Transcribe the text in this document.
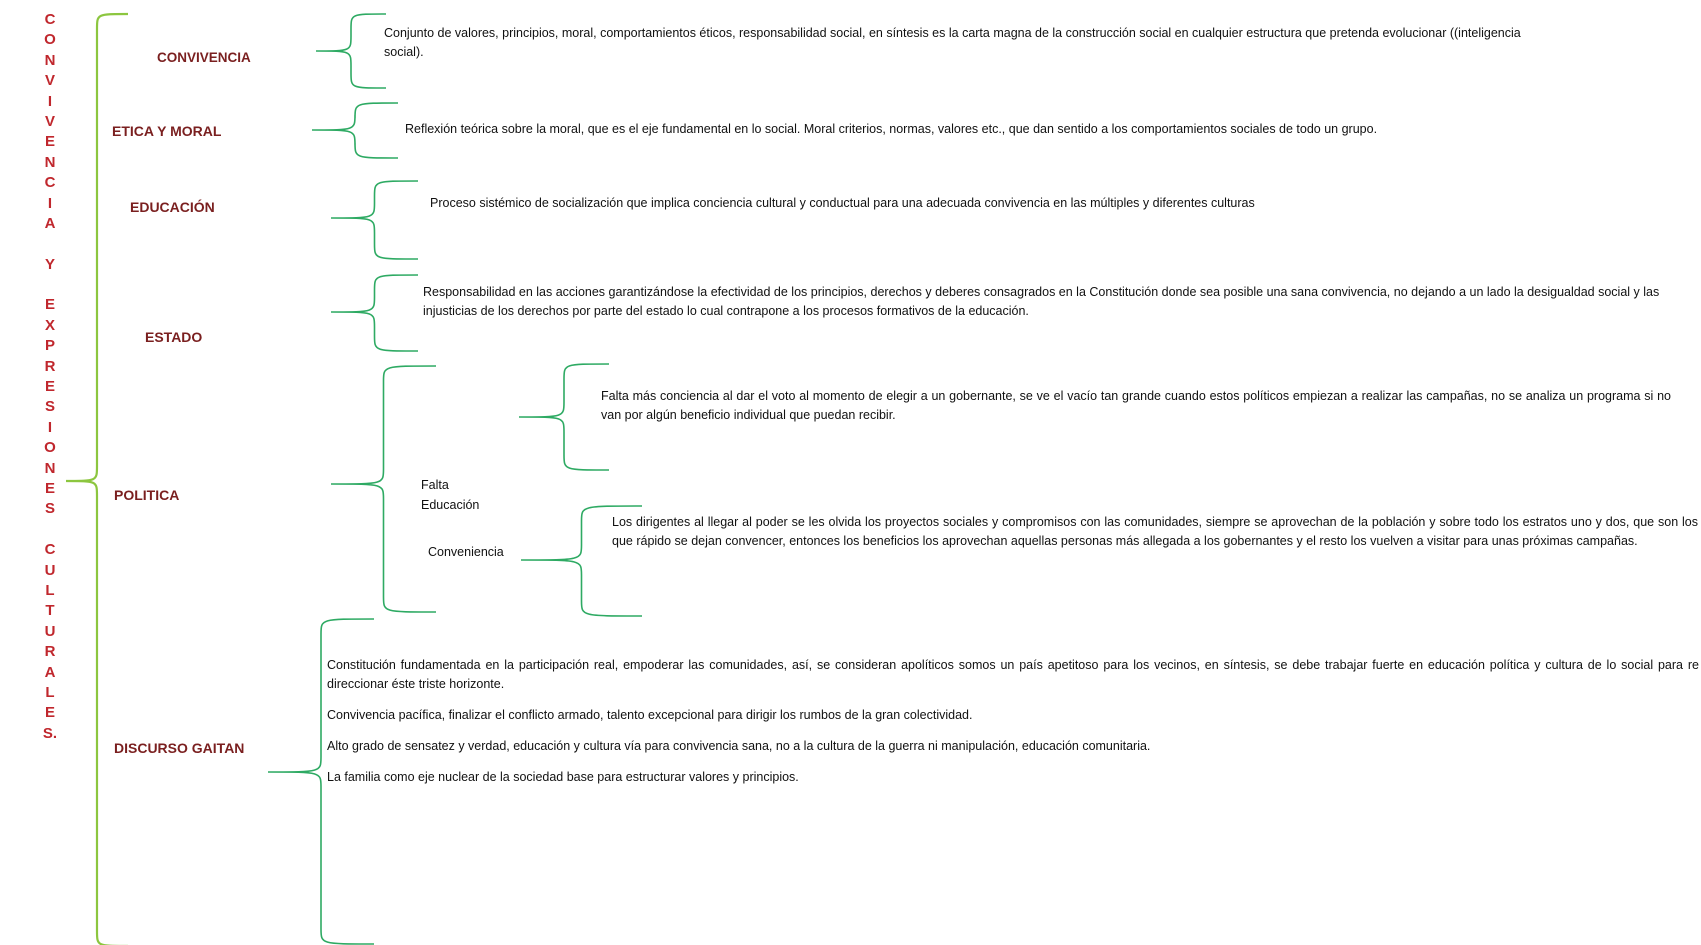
C
O
N
V
I
V
E
N
C
I
A
Y
E
X
P
R
E
S
I
O
N
E
S
C
U
L
T
U
R
A
L
E
S.
CONVIVENCIA
Conjunto de valores, principios, moral, comportamientos éticos, responsabilidad social, en síntesis es la carta magna de la construcción social en cualquier estructura que pretenda evolucionar ((inteligencia social).
ETICA Y MORAL	Reflexión teórica sobre la moral, que es el eje fundamental en lo social. Moral criterios, normas, valores etc., que dan sentido a los comportamientos sociales de todo un grupo.
EDUCACIÓN	Proceso sistémico de socialización que implica conciencia cultural y conductual para una adecuada convivencia en las múltiples y diferentes culturas
ESTADO
Responsabilidad en las acciones garantizándose la efectividad de los principios, derechos y deberes consagrados en la Constitución donde sea posible una sana convivencia, no dejando a un lado la desigualdad social y las injusticias de los derechos por parte del estado lo cual contrapone a los procesos formativos de la educación.
POLITICA
Falta
Educación
Conveniencia
Falta más conciencia al dar el voto al momento de elegir a un gobernante, se ve el vacío tan grande cuando estos políticos empiezan a realizar las campañas, no se analiza un programa si no van por algún beneficio individual que puedan recibir.
Los dirigentes al llegar al poder se les olvida los proyectos sociales y compromisos con las comunidades, siempre se aprovechan de la población y sobre todo los estratos uno y dos, que son los que rápido se dejan convencer, entonces los beneficios los aprovechan aquellas personas más allegada a los gobernantes y el resto los vuelven a visitar para unas próximas campañas.
DISCURSO GAITAN

Constitución fundamentada en la participación real, empoderar las comunidades, así, se consideran apolíticos somos un país apetitoso para los vecinos, en síntesis, se debe trabajar fuerte en educación política y cultura de lo social para re direccionar éste triste horizonte.

Convivencia pacífica, finalizar el conflicto armado, talento excepcional para dirigir los rumbos de la gran colectividad.

Alto grado de sensatez y verdad, educación y cultura vía para convivencia sana, no a la cultura de la guerra ni manipulación, educación comunitaria.

La familia como eje nuclear de la sociedad base para estructurar valores y principios.
